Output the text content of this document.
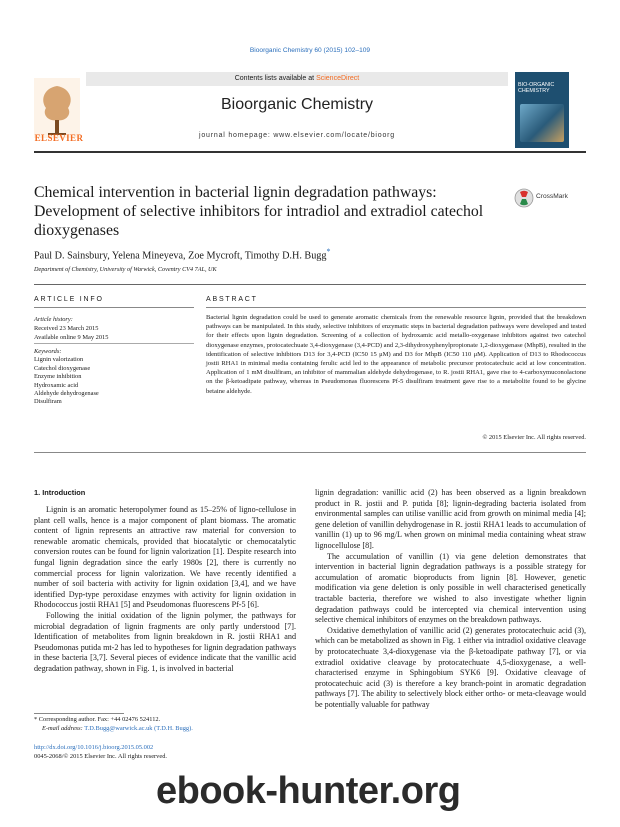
Bioorganic Chemistry 60 (2015) 102–109
Contents lists available at ScienceDirect
Bioorganic Chemistry
journal homepage: www.elsevier.com/locate/bioorg
ELSEVIER
BIO-ORGANIC CHEMISTRY
Chemical intervention in bacterial lignin degradation pathways: Development of selective inhibitors for intradiol and extradiol catechol dioxygenases
CrossMark
Paul D. Sainsbury, Yelena Mineyeva, Zoe Mycroft, Timothy D.H. Bugg*
Department of Chemistry, University of Warwick, Coventry CV4 7AL, UK
ARTICLE INFO
Article history:
Received 23 March 2015
Available online 9 May 2015
Keywords:
Lignin valorization
Catechol dioxygenase
Enzyme inhibition
Hydroxamic acid
Aldehyde dehydrogenase
Disulfiram
ABSTRACT
Bacterial lignin degradation could be used to generate aromatic chemicals from the renewable resource lignin, provided that the breakdown pathways can be manipulated. In this study, selective inhibitors of enzymatic steps in bacterial degradation pathways were developed and tested for their effects upon lignin degradation. Screening of a collection of hydroxamic acid metallo-oxygenase inhibitors against two catechol dioxygenase enzymes, protocatechuate 3,4-dioxygenase (3,4-PCD) and 2,3-dihydroxyphenylpropionate 1,2-dioxygenase (MhpB), resulted in the identification of selective inhibitors D13 for 3,4-PCD (IC50 15 μM) and D3 for MhpB (IC50 110 μM). Application of D13 to Rhodococcus jostii RHA1 in minimal media containing ferulic acid led to the appearance of metabolic precursor protocatechuic acid at low concentration. Application of 1 mM disulfiram, an inhibitor of mammalian aldehyde dehydrogenase, to R. jostii RHA1, gave rise to 4-carboxymuconolactone on the β-ketoadipate pathway, whereas in Pseudomonas fluorescens Pf-5 disulfiram treatment gave rise to a metabolite found to be glycine betaine aldehyde.
© 2015 Elsevier Inc. All rights reserved.
1. Introduction

Lignin is an aromatic heteropolymer found as 15–25% of ligno-cellulose in plant cell walls, hence is a major component of plant biomass. The aromatic content of lignin represents an attractive raw material for conversion to renewable aromatic chemicals, provided that biocatalytic or chemocatalytic conversion routes can be found for lignin valorization [1]. Despite research into fungal lignin degradation since the early 1980s [2], there is currently no commercial process for lignin valorization. We have recently identified a number of soil bacteria with activity for lignin oxidation [3,4], and we have identified Dyp-type peroxidase enzymes with activity for lignin oxidation in Rhodococcus jostii RHA1 [5] and Pseudomonas fluorescens Pf-5 [6].

Following the initial oxidation of the lignin polymer, the pathways for microbial degradation of lignin fragments are only partly understood [7]. Identification of metabolites from lignin breakdown in R. jostii RHA1 and Pseudomonas putida mt-2 has led to hypotheses for lignin degradation pathways in these bacteria [3,7]. Several pieces of evidence indicate that the vanillic acid degradation pathway, shown in Fig. 1, is involved in bacterial

lignin degradation: vanillic acid (2) has been observed as a lignin breakdown product in R. jostii and P. putida [8]; lignin-degrading bacteria isolated from environmental samples can utilise vanillic acid from growth on minimal media [4]; gene deletion of vanillin dehydrogenase in R. jostii RHA1 leads to accumulation of vanillin (1) up to 96 mg/L when grown on minimal media containing wheat straw lignocellulose [8].

The accumulation of vanillin (1) via gene deletion demonstrates that intervention in bacterial lignin degradation pathways is a possible strategy for accumulation of aromatic bioproducts from lignin [8]. However, genetic modification via gene deletion is only possible in well characterised genetically tractable bacteria, therefore we wished to also investigate whether lignin degradation pathways could be intercepted via chemical intervention using selective chemical inhibitors of enzymes on the breakdown pathways.

Oxidative demethylation of vanillic acid (2) generates protocatechuic acid (3), which can be metabolized as shown in Fig. 1 either via intradiol oxidative cleavage by protocatechuate 3,4-dioxygenase via the β-ketoadipate pathway [7], or via extradiol oxidative cleavage by protocatechuate 4,5-dioxygenase, a well-characterised enzyme in Sphingobium SYK6 [9]. Oxidative cleavage of protocatechuic acid (3) is therefore a key branch-point in aromatic degradation pathways [7]. The ability to selectively block either ortho- or meta-cleavage would be potentially valuable for pathway

* Corresponding author. Fax: +44 02476 524112.
E-mail address: T.D.Bugg@warwick.ac.uk (T.D.H. Bugg).
http://dx.doi.org/10.1016/j.bioorg.2015.05.002
0045-2068/© 2015 Elsevier Inc. All rights reserved.
ebook-hunter.org
